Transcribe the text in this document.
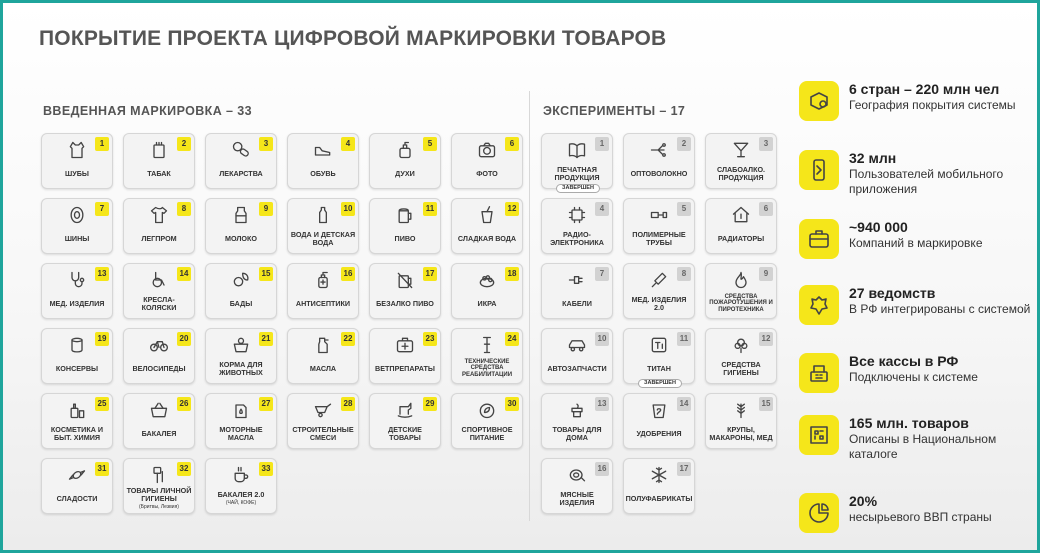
ПОКРЫТИЕ ПРОЕКТА ЦИФРОВОЙ МАРКИРОВКИ ТОВАРОВ
ВВЕДЕННАЯ МАРКИРОВКА – 33	ЭКСПЕРИМЕНТЫ – 17
1
ШУБЫ
2
ТАБАК
3
ЛЕКАРСТВА
4
ОБУВЬ
5
ДУХИ
6
ФОТО
7
ШИНЫ
8
ЛЕГПРОМ
9
МОЛОКО
10
ВОДА И ДЕТСКАЯ ВОДА
11
ПИВО
12
СЛАДКАЯ ВОДА
13
МЕД. ИЗДЕЛИЯ
14
КРЕСЛА-КОЛЯСКИ
15
БАДЫ
16
АНТИСЕПТИКИ
17
БЕЗАЛКО ПИВО
18
ИКРА
19
КОНСЕРВЫ
20
ВЕЛОСИПЕДЫ
21
КОРМА ДЛЯ ЖИВОТНЫХ
22
МАСЛА
23
ВЕТПРЕПАРАТЫ
24
ТЕХНИЧЕСКИЕ СРЕДСТВА РЕАБИЛИТАЦИИ
25
КОСМЕТИКА И БЫТ. ХИМИЯ
26
БАКАЛЕЯ
27
МОТОРНЫЕ МАСЛА
28
СТРОИТЕЛЬНЫЕ СМЕСИ
29
ДЕТСКИЕ ТОВАРЫ
30
СПОРТИВНОЕ ПИТАНИЕ
31
СЛАДОСТИ
32
ТОВАРЫ ЛИЧНОЙ ГИГИЕНЫ
(Бритвы, Лезвия)
33
БАКАЛЕЯ 2.0
(ЧАЙ, КОФЕ)
1
ПЕЧАТНАЯ ПРОДУКЦИЯ
ЗАВЕРШЕН
2
ОПТОВОЛОКНО
3
СЛАБОАЛКО. ПРОДУКЦИЯ
4
РАДИО-ЭЛЕКТРОНИКА
5
ПОЛИМЕРНЫЕ ТРУБЫ
6
РАДИАТОРЫ
7
КАБЕЛИ
8
МЕД. ИЗДЕЛИЯ 2.0
9
СРЕДСТВА ПОЖАРОТУШЕНИЯ И ПИРОТЕХНИКА
10
АВТОЗАПЧАСТИ
11
ТИТАН
ЗАВЕРШЕН
12
СРЕДСТВА ГИГИЕНЫ
13
ТОВАРЫ ДЛЯ ДОМА
14
УДОБРЕНИЯ
15
КРУПЫ, МАКАРОНЫ, МЕД
16
МЯСНЫЕ ИЗДЕЛИЯ
17
ПОЛУФАБРИКАТЫ
6 стран – 220 млн чел
География покрытия системы
32 млн
Пользователей мобильного приложения
~940 000
Компаний в маркировке
27 ведомств
В РФ интегрированы с системой
Все кассы в РФ
Подключены к системе
165 млн. товаров
Описаны в Национальном каталоге
20%
несырьевого ВВП страны
